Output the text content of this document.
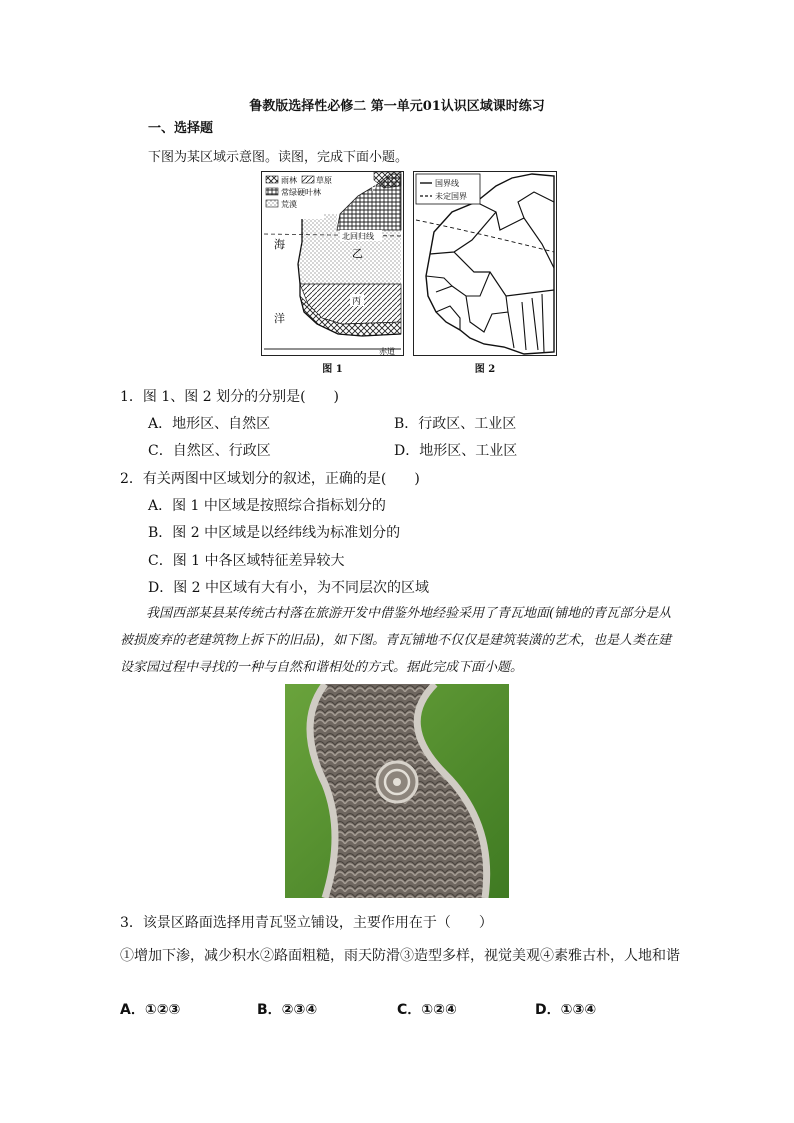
鲁教版选择性必修二 第一单元01认识区域课时练习
一、选择题
下图为某区域示意图。读图，完成下面小题。
北回归线
赤道
甲
乙
丙
海
洋
雨林 草原
常绿硬叶林
荒漠
图 1
国界线
未定国界
图 2
1．图 1、图 2 划分的分别是(　　)
A．地形区、自然区	B．行政区、工业区
C．自然区、行政区	D．地形区、工业区
2．有关两图中区域划分的叙述，正确的是(　　)
A．图 1 中区域是按照综合指标划分的
B．图 2 中区域是以经纬线为标准划分的
C．图 1 中各区域特征差异较大
D．图 2 中区域有大有小，为不同层次的区域
我国西部某县某传统古村落在旅游开发中借鉴外地经验采用了青瓦地面(铺地的青瓦部分是从被损废弃的老建筑物上拆下的旧品)，如下图。青瓦铺地不仅仅是建筑装潢的艺术，也是人类在建设家园过程中寻找的一种与自然和谐相处的方式。据此完成下面小题。
3．该景区路面选择用青瓦竖立铺设，主要作用在于（　　）
①增加下渗，减少积水②路面粗糙，雨天防滑③造型多样，视觉美观④素雅古朴，人地和谐
A．①②③	B．②③④	C．①②④	D．①③④
